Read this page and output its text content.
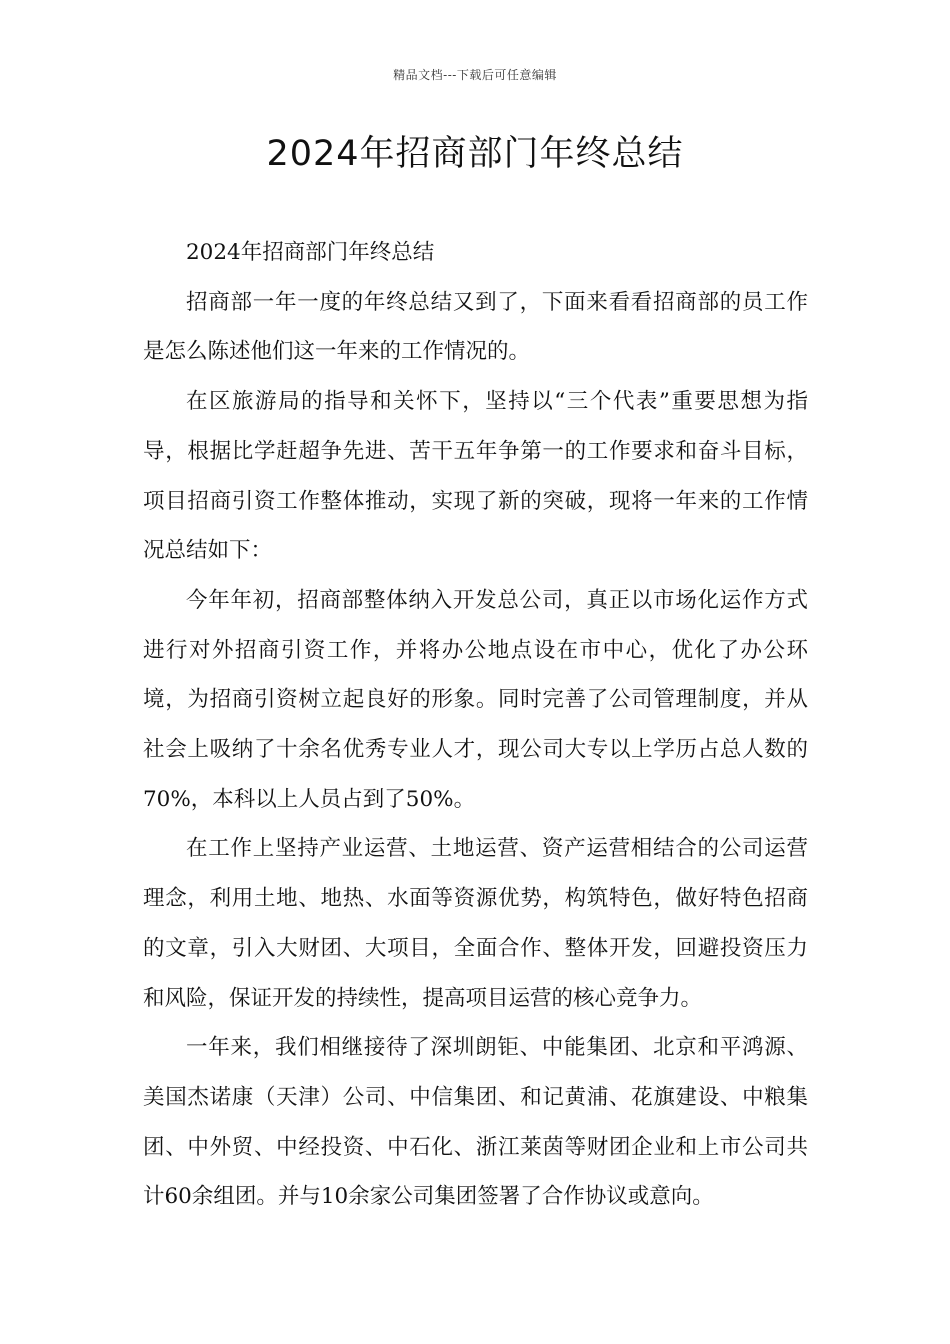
精品文档---下载后可任意编辑
2024年招商部门年终总结

2024年招商部门年终总结

招商部一年一度的年终总结又到了，下面来看看招商部的员工作是怎么陈述他们这一年来的工作情况的。

在区旅游局的指导和关怀下，坚持以“三个代表”重要思想为指导，根据比学赶超争先进、苦干五年争第一的工作要求和奋斗目标，项目招商引资工作整体推动，实现了新的突破，现将一年来的工作情况总结如下：

今年年初，招商部整体纳入开发总公司，真正以市场化运作方式进行对外招商引资工作，并将办公地点设在市中心，优化了办公环境，为招商引资树立起良好的形象。同时完善了公司管理制度，并从社会上吸纳了十余名优秀专业人才，现公司大专以上学历占总人数的70%，本科以上人员占到了50%。

在工作上坚持产业运营、土地运营、资产运营相结合的公司运营理念，利用土地、地热、水面等资源优势，构筑特色，做好特色招商的文章，引入大财团、大项目，全面合作、整体开发，回避投资压力和风险，保证开发的持续性，提高项目运营的核心竞争力。

一年来，我们相继接待了深圳朗钜、中能集团、北京和平鸿源、美国杰诺康（天津）公司、中信集团、和记黄浦、花旗建设、中粮集团、中外贸、中经投资、中石化、浙江莱茵等财团企业和上市公司共计60余组团。并与10余家公司集团签署了合作协议或意向。
